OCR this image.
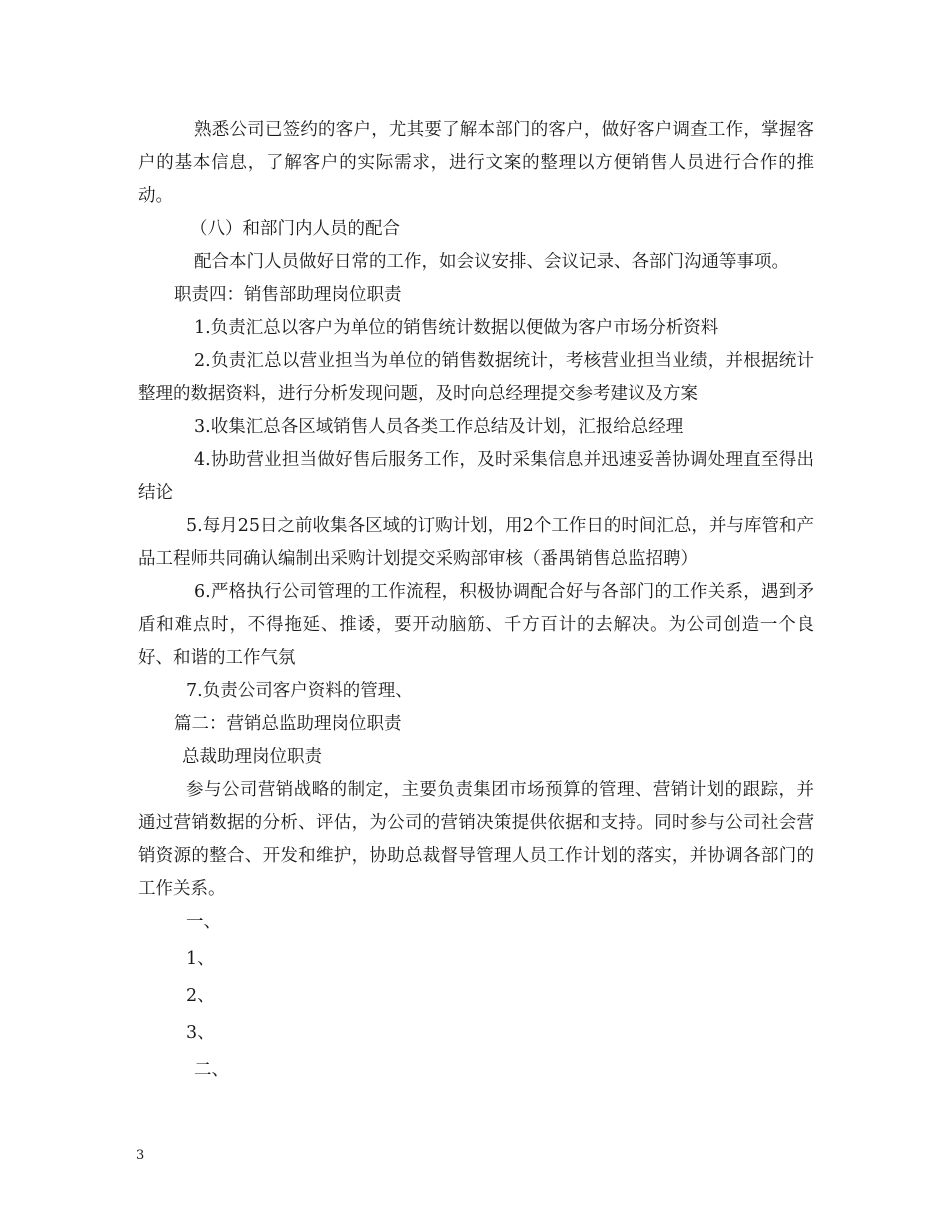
熟悉公司已签约的客户，尤其要了解本部门的客户，做好客户调查工作，掌握客户的基本信息，了解客户的实际需求，进行文案的整理以方便销售人员进行合作的推动。

（八）和部门内人员的配合

配合本门人员做好日常的工作，如会议安排、会议记录、各部门沟通等事项。

职责四：销售部助理岗位职责

1.负责汇总以客户为单位的销售统计数据以便做为客户市场分析资料

2.负责汇总以营业担当为单位的销售数据统计，考核营业担当业绩，并根据统计整理的数据资料，进行分析发现问题，及时向总经理提交参考建议及方案

3.收集汇总各区域销售人员各类工作总结及计划，汇报给总经理

4.协助营业担当做好售后服务工作，及时采集信息并迅速妥善协调处理直至得出结论

5.每月25日之前收集各区域的订购计划，用2个工作日的时间汇总，并与库管和产品工程师共同确认编制出采购计划提交采购部审核（番禺销售总监招聘）

6.严格执行公司管理的工作流程，积极协调配合好与各部门的工作关系，遇到矛盾和难点时，不得拖延、推诿，要开动脑筋、千方百计的去解决。为公司创造一个良好、和谐的工作气氛

7.负责公司客户资料的管理、

篇二：营销总监助理岗位职责

总裁助理岗位职责

参与公司营销战略的制定，主要负责集团市场预算的管理、营销计划的跟踪，并通过营销数据的分析、评估，为公司的营销决策提供依据和支持。同时参与公司社会营销资源的整合、开发和维护，协助总裁督导管理人员工作计划的落实，并协调各部门的工作关系。

一、

1、

2、

3、

二、

3
